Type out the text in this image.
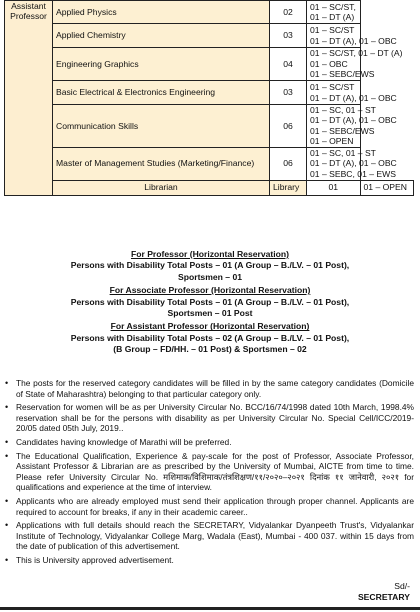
Assistant Professor	Applied Physics	02	01 – SC/ST,
01 – DT (A)	

	Applied Chemistry	03	01 – SC/ST
01 – DT (A), 01 – OBC	

	Engineering Graphics	04	01 – SC/ST, 01 – DT (A)
01 – OBC
01 – SEBC/EWS	

	Basic Electrical & Electronics Engineering	03	01 – SC/ST
01 – DT (A), 01 – OBC	

	Communication Skills	06	01 – SC, 01 – ST
01 – DT (A), 01 – OBC
01 – SEBC/EWS
01 – OPEN	

	Master of Management Studies (Marketing/Finance)	06	01 – SC, 01 – ST
01 – DT (A), 01 – OBC
01 – SEBC, 01 – EWS	

	Librarian	Library	01	01 – OPEN
For Professor (Horizontal Reservation)
Persons with Disability Total Posts – 01 (A Group – B./LV. – 01 Post),
Sportsmen – 01
For Associate Professor (Horizontal Reservation)
Persons with Disability Total Posts – 01 (A Group – B./LV. – 01 Post),
Sportsmen – 01 Post
For Assistant Professor (Horizontal Reservation)
Persons with Disability Total Posts – 02 (A Group – B./LV. – 01 Post),
(B Group – FD/HH. – 01 Post) & Sportsmen – 02
• The posts for the reserved category candidates will be filled in by the same category candidates (Domicile of State of Maharashtra) belonging to that particular category only.
• Reservation for women will be as per University Circular No. BCC/16/74/1998 dated 10th March, 1998.4% reservation shall be for the persons with disability as per University Circular No. Special Cell/ICC/2019- 20/05 dated 05th July, 2019..
• Candidates having knowledge of Marathi will be preferred.
• The Educational Qualification, Experience & pay-scale for the post of Professor, Associate Professor, Assistant Professor & Librarian are as prescribed by the University of Mumbai, AICTE from time to time. Please refer University Circular No. मशिमाक/विशिमाक/तंत्रशिक्षण/११/२०२०–२०२१ दिनांक ११ जानेवारी, २०२१ for qualifications and experience at the time of interview.
• Applicants who are already employed must send their application through proper channel. Applicants are required to account for breaks, if any in their academic career..
• Applications with full details should reach the SECRETARY, Vidyalankar Dyanpeeth Trust's, Vidyalankar Institute of Technology, Vidyalankar College Marg, Wadala (East), Mumbai - 400 037. within 15 days from the date of publication of this advertisement.
• This is University approved advertisement.
Sd/-
SECRETARY
